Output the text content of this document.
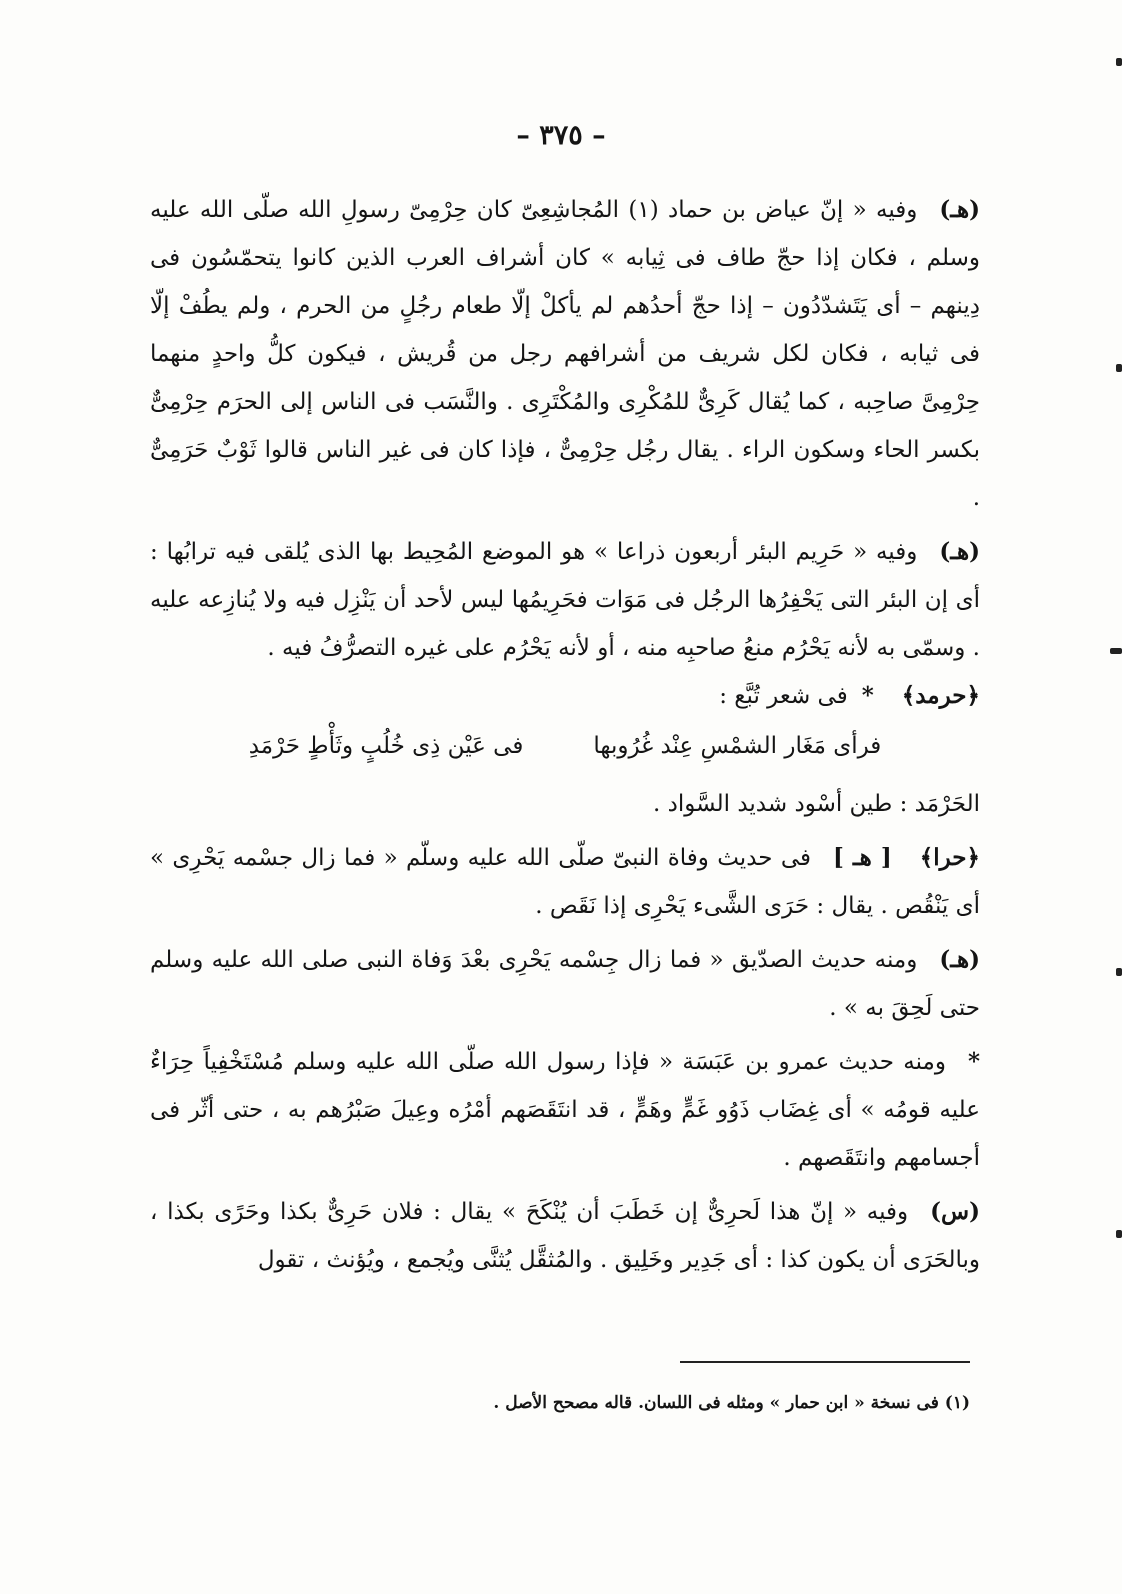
– ٣٧٥ –

(هـ)وفيه « إنّ عياض بن حماد (١) المُجاشِعِىّ كان حِرْمِىّ رسولِ الله صلّى الله عليه وسلم ، فكان إذا حجّ طاف فى ثِيابه » كان أشراف العرب الذين كانوا يتحمّسُون فى دِينهم – أى يَتَشدّدُون – إذا حجّ أحدُهم لم يأكلْ إلّا طعام رجُلٍ من الحرم ، ولم يطُفْ إلّا فى ثيابه ، فكان لكل شريف من أشرافهم رجل من قُريش ، فيكون كلُّ واحدٍ منهما حِرْمِىَّ صاحِبه ، كما يُقال كَرِىٌّ للمُكْرِى والمُكْتَرِى . والنَّسَب فى الناس إلى الحرَم حِرْمِىٌّ بكسر الحاء وسكون الراء . يقال رجُل حِرْمِىٌّ ، فإذا كان فى غير الناس قالوا ثَوْبٌ حَرَمِىٌّ .

(هـ)وفيه « حَرِيم البئر أربعون ذراعا » هو الموضع المُحِيط بها الذى يُلقى فيه ترابُها : أى إن البئر التى يَحْفِرُها الرجُل فى مَوَات فحَرِيمُها ليس لأحد أن يَنْزِل فيه ولا يُنازِعه عليه . وسمّى به لأنه يَحْرُم منعُ صاحبِه منه ، أو لأنه يَحْرُم على غيره التصرُّفُ فيه .

﴿حرمد﴾*فى شعر تُبَّع :

فرأى مَغَار الشمْسِ عِنْد غُرُوبها
فى عَيْن ذِى خُلُبٍ وثَأْطٍ حَرْمَدِ

الحَرْمَد : طين أسْود شديد السَّواد .

﴿حرا﴾[ هـ ]فى حديث وفاة النبىّ صلّى الله عليه وسلّم « فما زال جسْمه يَحْرِى » أى يَنْقُص . يقال : حَرَى الشَّىء يَحْرِى إذا نَقَص .

(هـ)ومنه حديث الصدّيق « فما زال جِسْمه يَحْرِى بعْدَ وَفاة النبى صلى الله عليه وسلم حتى لَحِقَ به » .

*ومنه حديث عمرو بن عَبَسَة « فإذا رسول الله صلّى الله عليه وسلم مُسْتَخْفِياً حِرَاءٌ عليه قومُه » أى غِضَاب ذَوُو غَمٍّ وهَمٍّ ، قد انتَقَصَهم أمْرُه وعِيلَ صَبْرُهم به ، حتى أثّر فى أجسامهم وانتَقَصهم .

(س)وفيه « إنّ هذا لَحرِىٌّ إن خَطَبَ أن يُنْكَحَ » يقال : فلان حَرِىٌّ بكذا وحَرًى بكذا ، وبالحَرَى أن يكون كذا : أى جَدِير وخَلِيق . والمُثقَّل يُثنَّى ويُجمع ، ويُؤنث ، تقول

(١) فى نسخة « ابن حمار » ومثله فى اللسان. قاله مصحح الأصل .
